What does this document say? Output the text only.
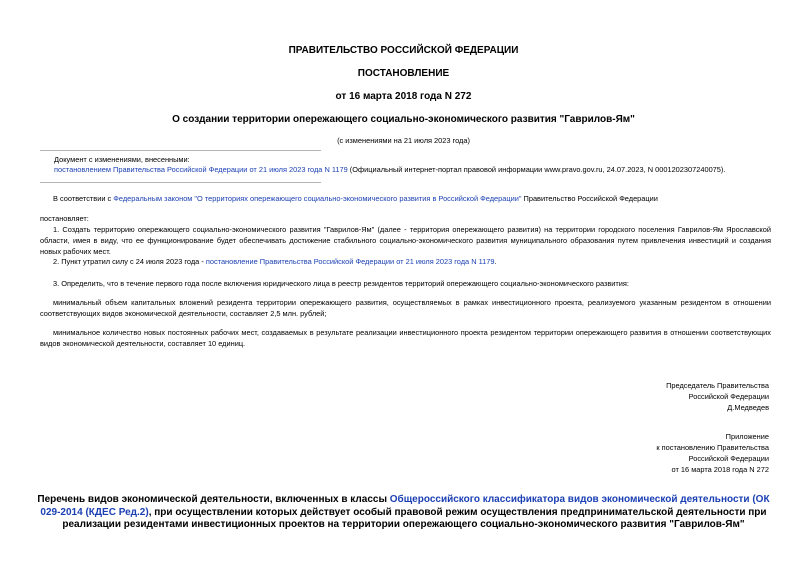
ПРАВИТЕЛЬСТВО РОССИЙСКОЙ ФЕДЕРАЦИИ
ПОСТАНОВЛЕНИЕ
от 16 марта 2018 года N 272
О создании территории опережающего социально-экономического развития "Гаврилов-Ям"
(с изменениями на 21 июля 2023 года)
Документ с изменениями, внесенными:
постановлением Правительства Российской Федерации от 21 июля 2023 года N 1179 (Официальный интернет-портал правовой информации www.pravo.gov.ru, 24.07.2023, N 0001202307240075).
В соответствии с Федеральным законом "О территориях опережающего социально-экономического развития в Российской Федерации" Правительство Российской Федерации
постановляет:
1. Создать территорию опережающего социально-экономического развития "Гаврилов-Ям" (далее - территория опережающего развития) на территории городского поселения Гаврилов-Ям Ярославской области, имея в виду, что ее функционирование будет обеспечивать достижение стабильного социально-экономического развития муниципального образования путем привлечения инвестиций и создания новых рабочих мест.
2. Пункт утратил силу с 24 июля 2023 года - постановление Правительства Российской Федерации от 21 июля 2023 года N 1179.
3. Определить, что в течение первого года после включения юридического лица в реестр резидентов территорий опережающего социально-экономического развития:
минимальный объем капитальных вложений резидента территории опережающего развития, осуществляемых в рамках инвестиционного проекта, реализуемого указанным резидентом в отношении соответствующих видов экономической деятельности, составляет 2,5 млн. рублей;
минимальное количество новых постоянных рабочих мест, создаваемых в результате реализации инвестиционного проекта резидентом территории опережающего развития в отношении соответствующих видов экономической деятельности, составляет 10 единиц.
Председатель Правительства
Российской Федерации
Д.Медведев
Приложение
к постановлению Правительства
Российской Федерации
от 16 марта 2018 года N 272
Перечень видов экономической деятельности, включенных в классы Общероссийского классификатора видов экономической деятельности (ОК 029-2014 (КДЕС Ред.2), при осуществлении которых действует особый правовой режим осуществления предпринимательской деятельности при реализации резидентами инвестиционных проектов на территории опережающего социально-экономического развития "Гаврилов-Ям"
